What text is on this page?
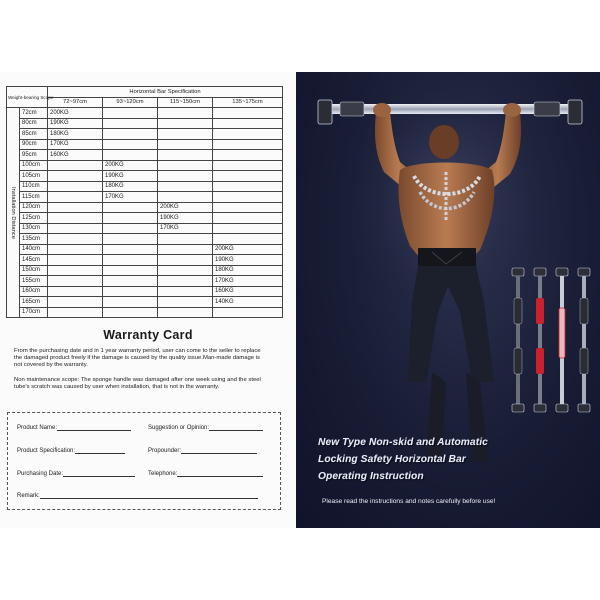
Weight-bearing Scope		Horizontal Bar Specification			
		72~97cm	93~120cm	115~150cm	135~175cm

Installation Distance	72cm	200KG			
	80cm	190KG			
	85cm	180KG			
	90cm	170KG			
	95cm	160KG			
	100cm		200KG		
	105cm		190KG		
	110cm		180KG		
	115cm		170KG		
	120cm			200KG	
	125cm			190KG	
	130cm			170KG	
	135cm				
	140cm				200KG
	145cm				190KG
	150cm				180KG
	155cm				170KG
	160cm				160KG
	165cm				140KG
	170cm				
Warranty Card
From the purchasing date and in 1 year warranty period, user can come to the seller to replace the damaged product freely if the damage is caused by the quality issue.Man-made damage is not covered by the warranty.
Non maintenance scope: The sponge handle was damaged after one week using and the steel tube's scratch was caused by user when installation, that is not in the warranty.
Product Name:	Suggestion or Opinion:
Product Specification:	Propounder:
Purchasing Date:	Telephone:
Remark:
New Type Non-skid and Automatic
Locking Safety Horizontal Bar
Operating Instruction
Please read the instructions and notes carefully before use!
